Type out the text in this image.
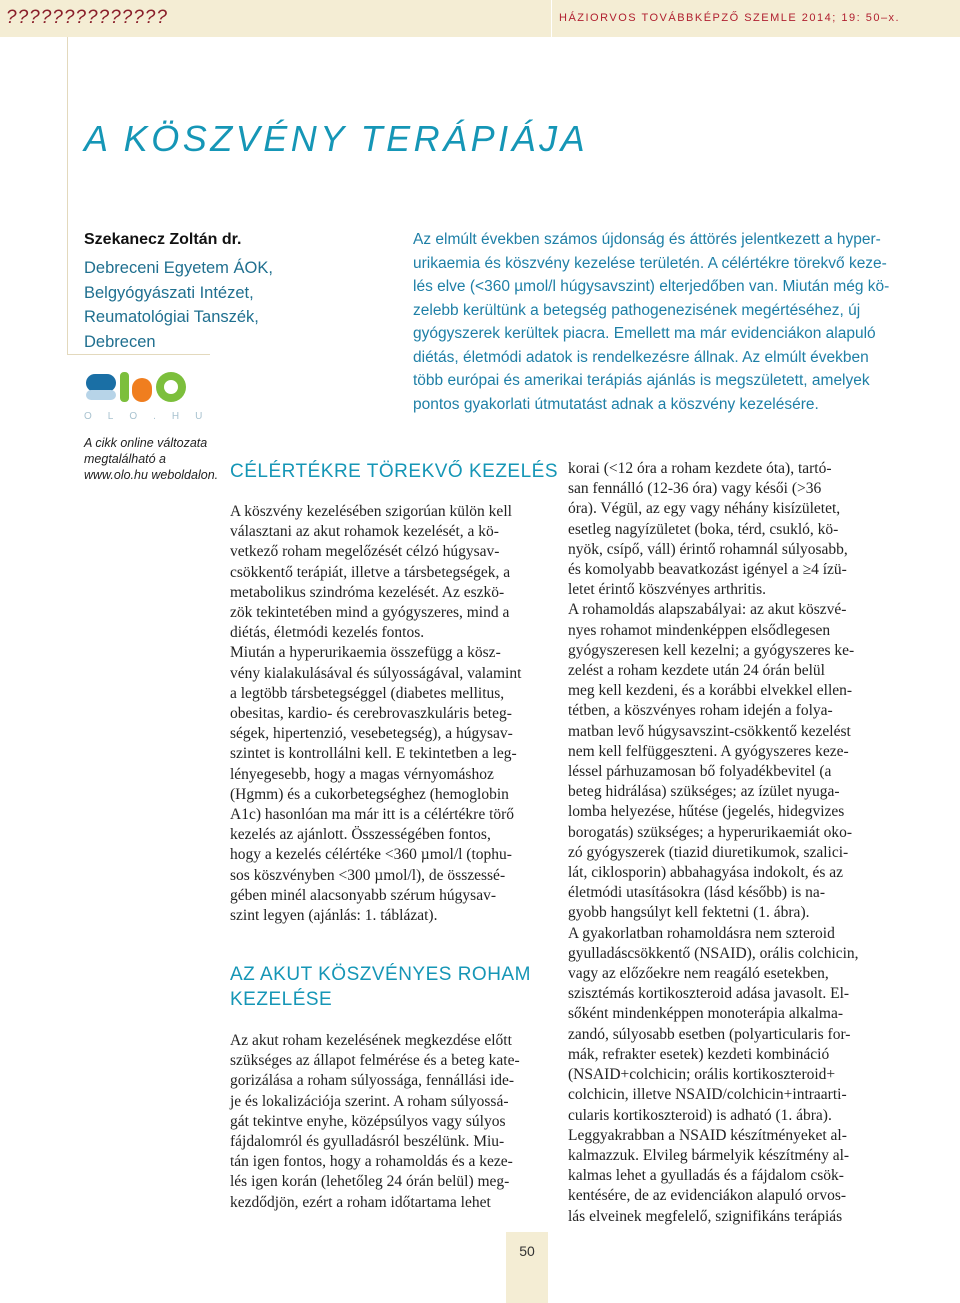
??????????????	HÁZIORVOS TOVÁBBKÉPZŐ SZEMLE 2014; 19: 50–x.

A KÖSZVÉNY TERÁPIÁJA

Szekanecz Zoltán dr.

Debreceni Egyetem ÁOK,
Belgyógyászati Intézet,
Reumatológiai Tanszék,
Debrecen

Az elmúlt években számos újdonság és áttörés jelentkezett a hyper-
urikaemia és köszvény kezelése területén. A célértékre törekvő keze-
lés elve (<360 µmol/l húgysavszint) elterjedőben van. Miután még kö-
zelebb kerültünk a betegség pathogenezisének megértéséhez, új
gyógyszerek kerültek piacra. Emellett ma már evidenciákon alapuló
diétás, életmódi adatok is rendelkezésre állnak. Az elmúlt években
több európai és amerikai terápiás ajánlás is megszületett, amelyek
pontos gyakorlati útmutatást adnak a köszvény kezelésére.

OLO.HU

A cikk online változata
megtalálható a
www.olo.hu weboldalon. CÉLÉRTÉKRE TÖREKVŐ KEZELÉS
A köszvény kezelésében szigorúan külön kell
választani az akut rohamok kezelését, a kö-
vetkező roham megelőzését célzó húgysav-
csökkentő terápiát, illetve a társbetegségek, a
metabolikus szindróma kezelését. Az eszkö-
zök tekintetében mind a gyógyszeres, mind a
diétás, életmódi kezelés fontos.
Miután a hyperurikaemia összefügg a kösz-
vény kialakulásával és súlyosságával, valamint
a legtöbb társbetegséggel (diabetes mellitus,
obesitas, kardio- és cerebrovaszkuláris beteg-
ségek, hipertenzió, vesebetegség), a húgysav-
szintet is kontrollálni kell. E tekintetben a leg-
lényegesebb, hogy a magas vérnyomáshoz
(Hgmm) és a cukorbetegséghez (hemoglobin
A1c) hasonlóan ma már itt is a célértékre törő
kezelés az ajánlott. Összességében fontos,
hogy a kezelés célértéke <360 µmol/l (tophu-
sos köszvényben <300 µmol/l), de összessé-
gében minél alacsonyabb szérum húgysav-
szint legyen (ajánlás: 1. táblázat).
AZ AKUT KÖSZVÉNYES ROHAM
KEZELÉSE
Az akut roham kezelésének megkezdése előtt
szükséges az állapot felmérése és a beteg kate-
gorizálása a roham súlyossága, fennállási ide-
je és lokalizációja szerint. A roham súlyossá-
gát tekintve enyhe, középsúlyos vagy súlyos
fájdalomról és gyulladásról beszélünk. Miu-
tán igen fontos, hogy a rohamoldás és a keze-
lés igen korán (lehetőleg 24 órán belül) meg-
kezdődjön, ezért a roham időtartama lehet
korai (<12 óra a roham kezdete óta), tartó-
san fennálló (12-36 óra) vagy késői (>36
óra). Végül, az egy vagy néhány kisízületet,
esetleg nagyízületet (boka, térd, csukló, kö-
nyök, csípő, váll) érintő rohamnál súlyosabb,
és komolyabb beavatkozást igényel a ≥4 ízü-
letet érintő köszvényes arthritis.
A rohamoldás alapszabályai: az akut köszvé-
nyes rohamot mindenképpen elsődlegesen
gyógyszeresen kell kezelni; a gyógyszeres ke-
zelést a roham kezdete után 24 órán belül
meg kell kezdeni, és a korábbi elvekkel ellen-
tétben, a köszvényes roham idején a folya-
matban levő húgysavszint-csökkentő kezelést
nem kell felfüggeszteni. A gyógyszeres keze-
léssel párhuzamosan bő folyadékbevitel (a
beteg hidrálása) szükséges; az ízület nyuga-
lomba helyezése, hűtése (jegelés, hidegvizes
borogatás) szükséges; a hyperurikaemiát oko-
zó gyógyszerek (tiazid diuretikumok, szalici-
lát, ciklosporin) abbahagyása indokolt, és az
életmódi utasításokra (lásd később) is na-
gyobb hangsúlyt kell fektetni (1. ábra).
A gyakorlatban rohamoldásra nem szteroid
gyulladáscsökkentő (NSAID), orális colchicin,
vagy az előzőekre nem reagáló esetekben,
szisztémás kortikoszteroid adása javasolt. El-
sőként mindenképpen monoterápia alkalma-
zandó, súlyosabb esetben (polyarticularis for-
mák, refrakter esetek) kezdeti kombináció
(NSAID+colchicin; orális kortikoszteroid+
colchicin, illetve NSAID/colchicin+intraarti-
cularis kortikoszteroid) is adható (1. ábra).
Leggyakrabban a NSAID készítményeket al-
kalmazzuk. Elvileg bármelyik készítmény al-
kalmas lehet a gyulladás és a fájdalom csök-
kentésére, de az evidenciákon alapuló orvos-
lás elveinek megfelelő, szignifikáns terápiás
50
